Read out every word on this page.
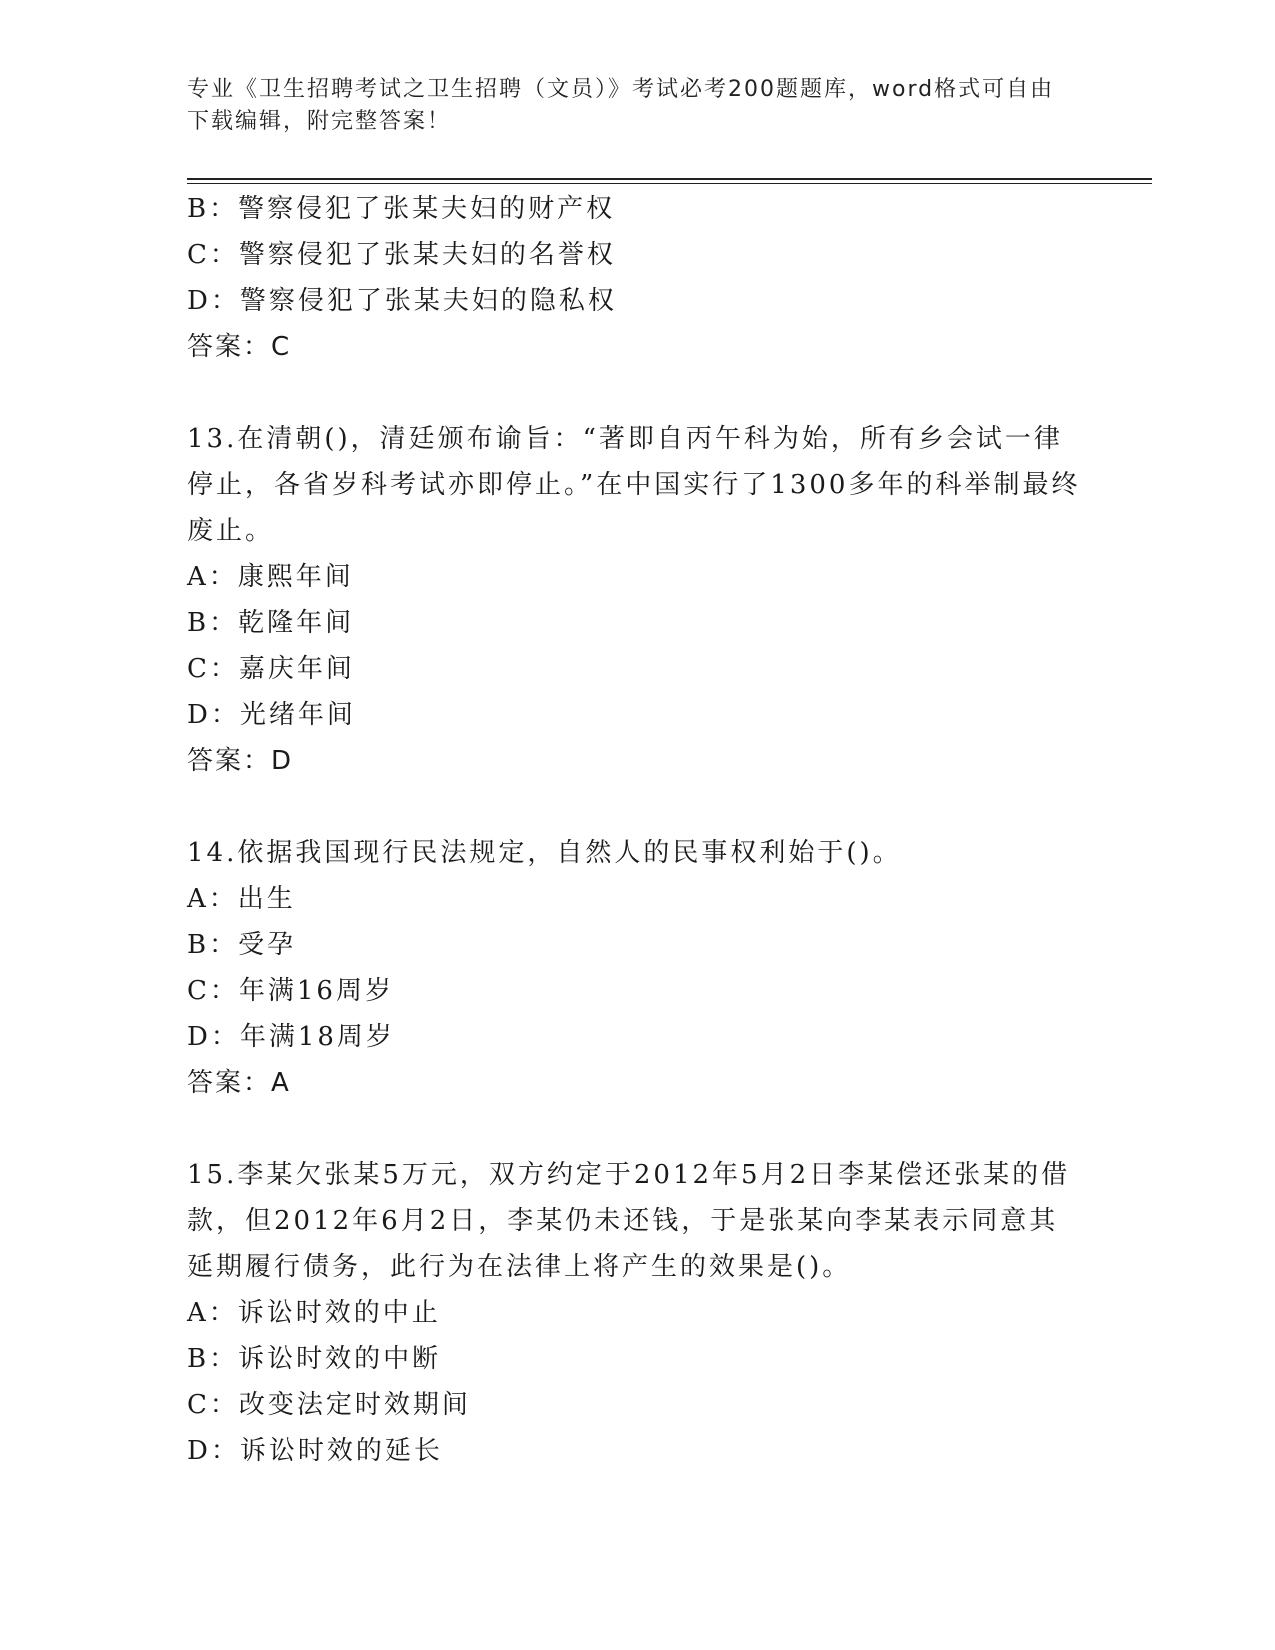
专业《卫生招聘考试之卫生招聘（文员）》考试必考200题题库，word格式可自由下载编辑，附完整答案！
B：警察侵犯了张某夫妇的财产权
C：警察侵犯了张某夫妇的名誉权
D：警察侵犯了张某夫妇的隐私权
答案：C
13.在清朝()，清廷颁布谕旨：“著即自丙午科为始，所有乡会试一律停止，各省岁科考试亦即停止。”在中国实行了1300多年的科举制最终废止。
A：康熙年间
B：乾隆年间
C：嘉庆年间
D：光绪年间
答案：D
14.依据我国现行民法规定，自然人的民事权利始于()。
A：出生
B：受孕
C：年满16周岁
D：年满18周岁
答案：A
15.李某欠张某5万元，双方约定于2012年5月2日李某偿还张某的借款，但2012年6月2日，李某仍未还钱，于是张某向李某表示同意其延期履行债务，此行为在法律上将产生的效果是()。
A：诉讼时效的中止
B：诉讼时效的中断
C：改变法定时效期间
D：诉讼时效的延长
